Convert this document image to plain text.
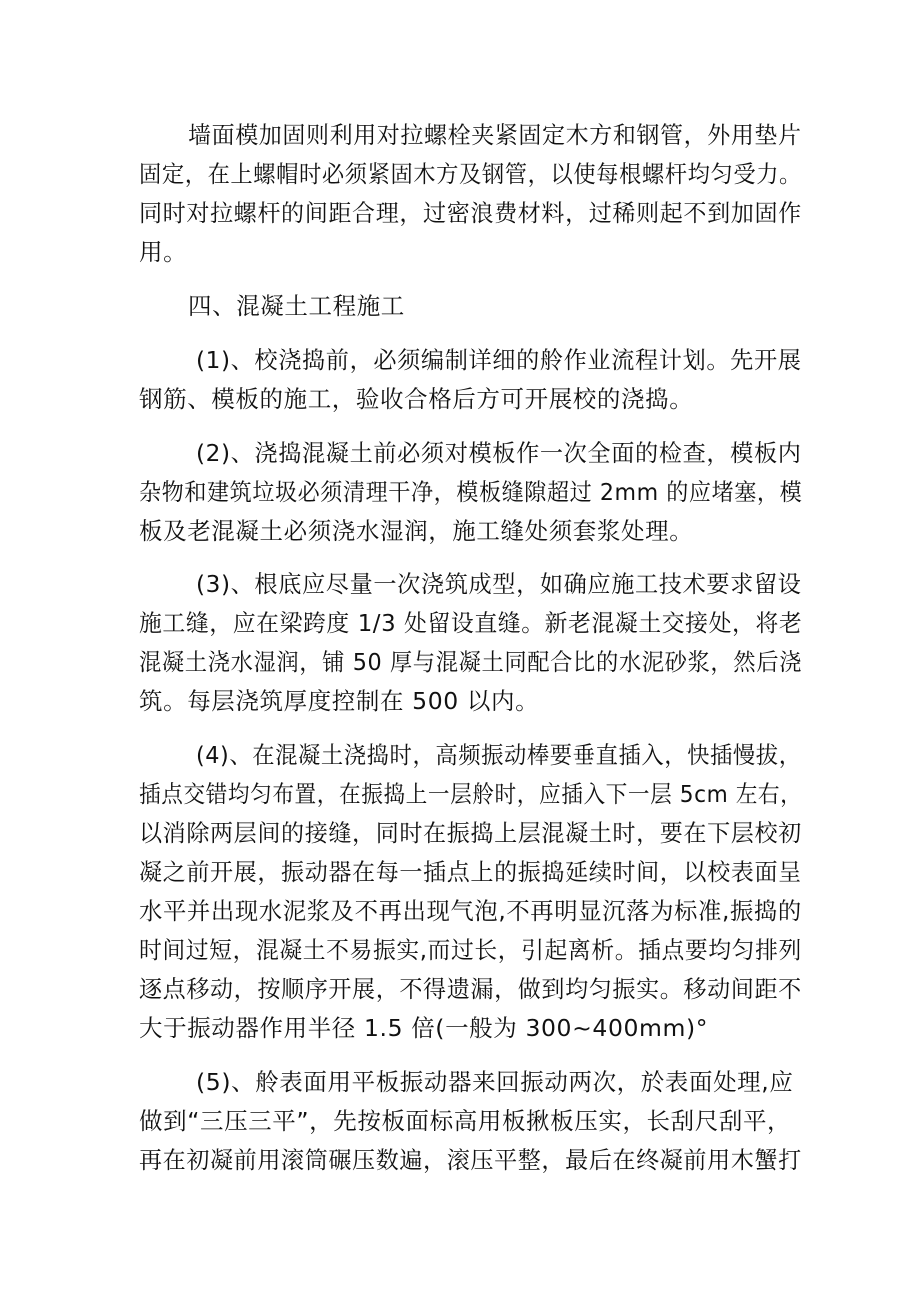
墙面模加固则利用对拉螺栓夹紧固定木方和钢管，外用垫片
固定，在上螺帽时必须紧固木方及钢管，以使每根螺杆均匀受力。
同时对拉螺杆的间距合理，过密浪费材料，过稀则起不到加固作
用。
四、混凝土工程施工
(1)、校浇捣前，必须编制详细的舲作业流程计划。先开展
钢筋、模板的施工，验收合格后方可开展校的浇捣。
(2)、浇捣混凝土前必须对模板作一次全面的检查，模板内
杂物和建筑垃圾必须清理干净，模板缝隙超过 2mm 的应堵塞，模
板及老混凝土必须浇水湿润，施工缝处须套浆处理。
(3)、根底应尽量一次浇筑成型，如确应施工技术要求留设
施工缝，应在梁跨度 1/3 处留设直缝。新老混凝土交接处，将老
混凝土浇水湿润，铺 50 厚与混凝土同配合比的水泥砂浆，然后浇
筑。每层浇筑厚度控制在 500 以内。
(4)、在混凝土浇捣时，高频振动棒要垂直插入，快插慢拔，
插点交错均匀布置，在振捣上一层舲时，应插入下一层 5cm 左右，
以消除两层间的接缝，同时在振捣上层混凝土时，要在下层校初
凝之前开展，振动器在每一插点上的振捣延续时间，以校表面呈
水平并出现水泥浆及不再出现气泡,不再明显沉落为标准,振捣的
时间过短，混凝土不易振实,而过长，引起离析。插点要均匀排列
逐点移动，按顺序开展，不得遗漏，做到均匀振实。移动间距不
大于振动器作用半径 1.5 倍(一般为 300~400mm)°
(5)、舲表面用平板振动器来回振动两次，於表面处理,应
做到“三压三平”，先按板面标高用板揪板压实，长刮尺刮平，
再在初凝前用滚筒碾压数遍，滚压平整，最后在终凝前用木蟹打
